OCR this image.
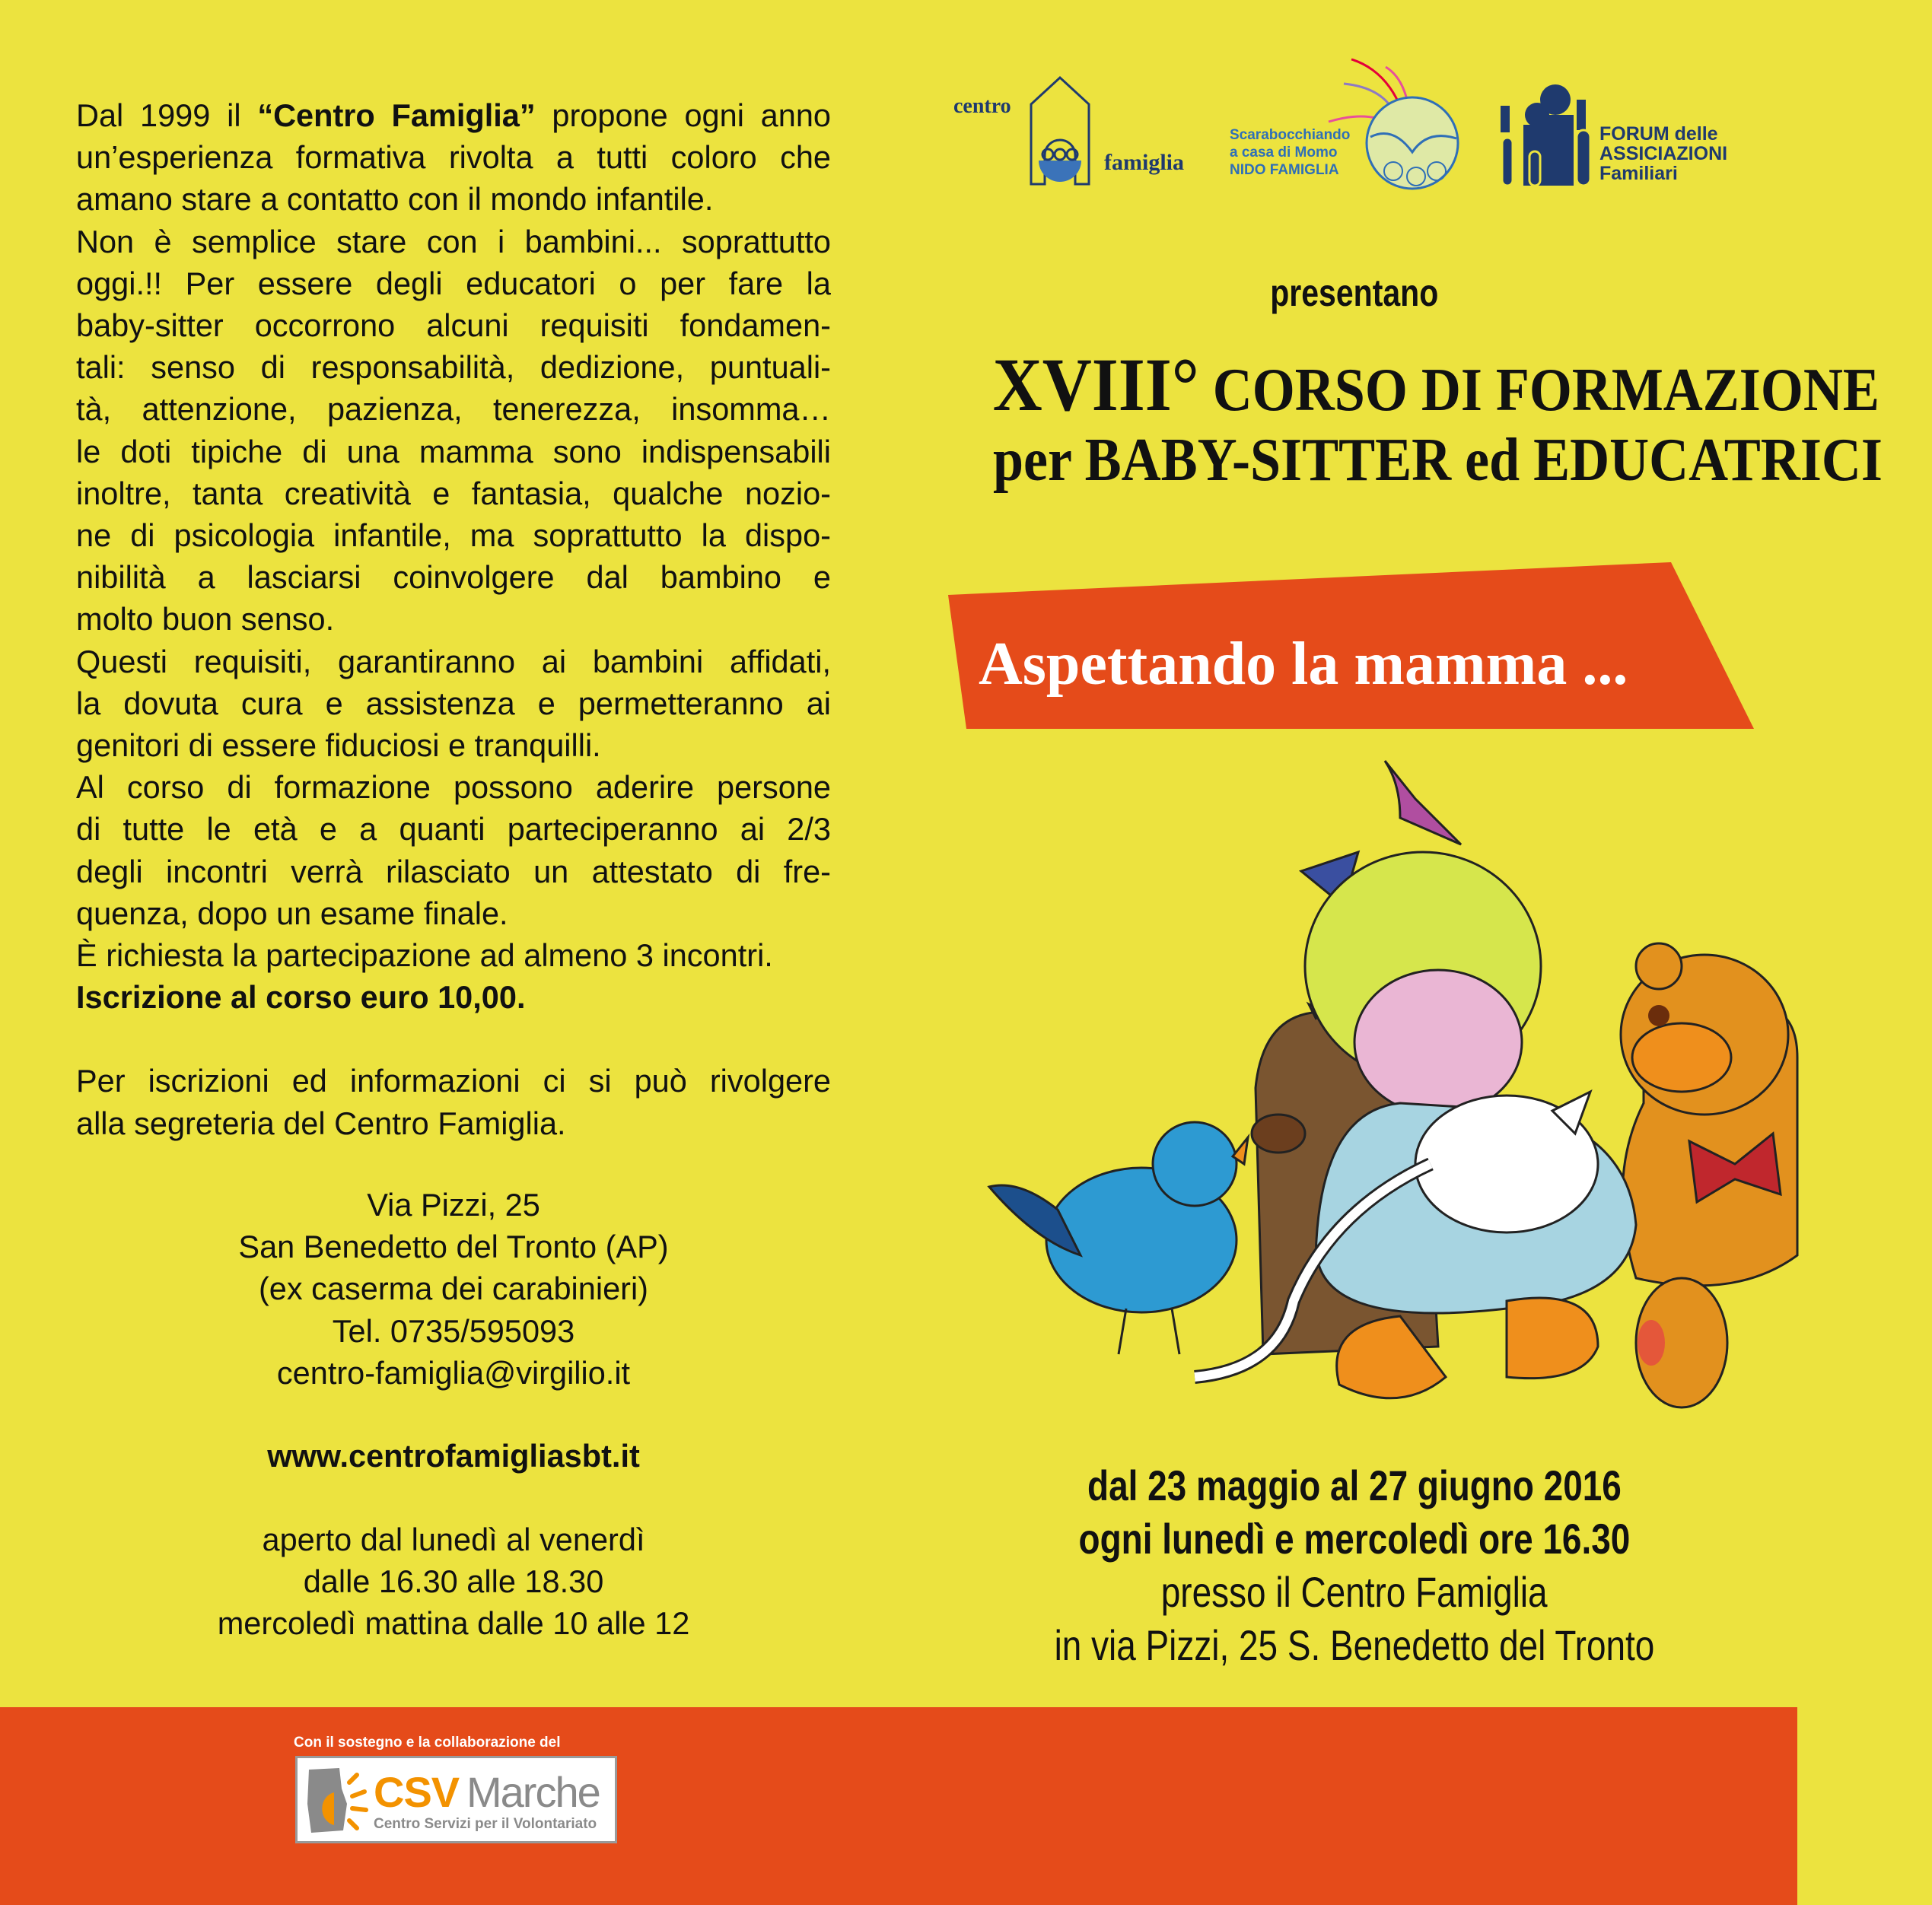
Dal 1999 il “Centro Famiglia” propone ogni anno
un’esperienza formativa rivolta a tutti coloro che
amano stare a contatto con il mondo infantile.
Non è semplice stare con i bambini... soprattutto
oggi.!! Per essere degli educatori o per fare la
baby-sitter occorrono alcuni requisiti fondamen-
tali: senso di responsabilità, dedizione, puntuali-
tà, attenzione, pazienza, tenerezza, insomma…
le doti tipiche di una mamma sono indispensabili
inoltre, tanta creatività e fantasia, qualche nozio-
ne di psicologia infantile, ma soprattutto la dispo-
nibilità a lasciarsi coinvolgere dal bambino e
molto buon senso.
Questi requisiti, garantiranno ai bambini affidati,
la dovuta cura e assistenza e permetteranno ai
genitori di essere fiduciosi e tranquilli.
Al corso di formazione possono aderire persone
di tutte le età e a quanti parteciperanno ai 2/3
degli incontri verrà rilasciato un attestato di fre-
quenza, dopo un esame finale.
È richiesta la partecipazione ad almeno 3 incontri.
Iscrizione al corso euro 10,00.
Per iscrizioni ed informazioni ci si può rivolgere
alla segreteria del Centro Famiglia.
Via Pizzi, 25
San Benedetto del Tronto (AP)
(ex caserma dei carabinieri)
Tel. 0735/595093
centro-famiglia@virgilio.it
www.centrofamigliasbt.it
aperto dal lunedì al venerdì
dalle 16.30 alle 18.30
mercoledì mattina dalle 10 alle 12
centro
famiglia
Scarabocchiando
a casa di Momo
NIDO FAMIGLIA
FORUM delle
ASSICIAZIONI
Familiari
presentano
XVIII° CORSO DI FORMAZIONE
per BABY-SITTER ed EDUCATRICI
Aspettando la mamma ...
dal 23 maggio al 27 giugno 2016
ogni lunedì e mercoledì ore 16.30
presso il Centro Famiglia
in via Pizzi, 25 S. Benedetto del Tronto
Con il sostegno e la collaborazione del
CSV Marche
Centro Servizi per il Volontariato
